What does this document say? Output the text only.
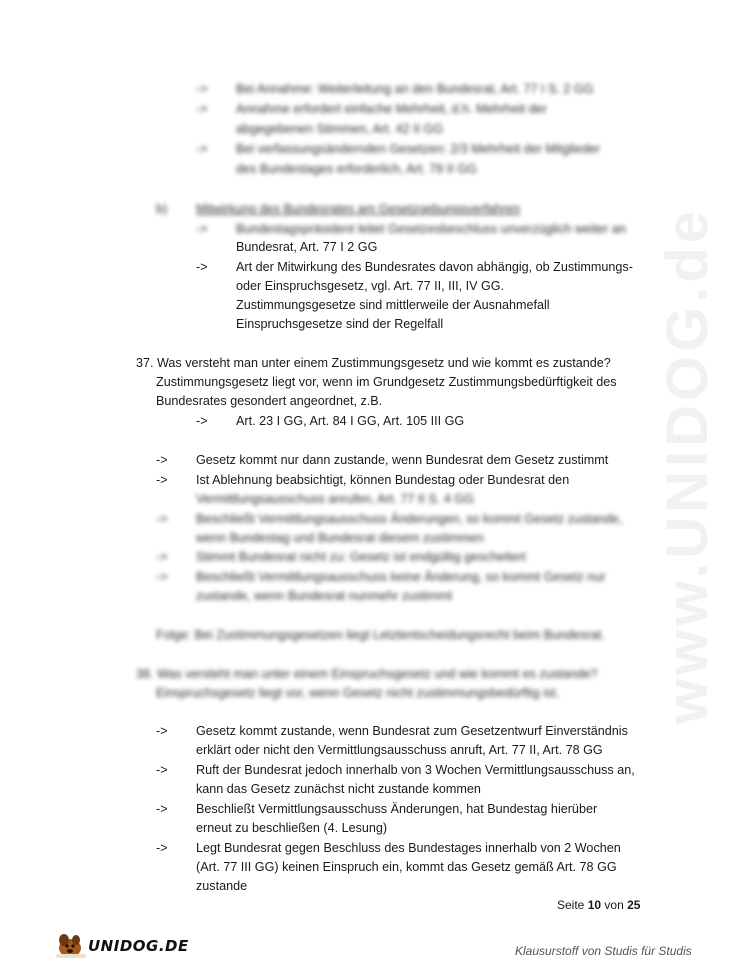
www.UNIDOG.de
-> Bei Annahme: Weiterleitung an den Bundesrat, Art. 77 I S. 2 GG
-> Annahme erfordert einfache Mehrheit, d.h. Mehrheit der
abgegebenen Stimmen, Art. 42 II GG
-> Bei verfassungsändernden Gesetzen: 2/3 Mehrheit der Mitglieder
des Bundestages erforderlich, Art. 79 II GG
b) Mitwirkung des Bundesrates am Gesetzgebungsverfahren
-> Bundestagspräsident leitet Gesetzesbeschluss unverzüglich weiter an
Bundesrat, Art. 77 I 2 GG
-> Art der Mitwirkung des Bundesrates davon abhängig, ob Zustimmungs-
oder Einspruchsgesetz, vgl. Art. 77 II, III, IV GG.
Zustimmungsgesetze sind mittlerweile der Ausnahmefall
Einspruchsgesetze sind der Regelfall
37. Was versteht man unter einem Zustimmungsgesetz und wie kommt es zustande?
Zustimmungsgesetz liegt vor, wenn im Grundgesetz Zustimmungsbedürftigkeit des
Bundesrates gesondert angeordnet, z.B.
-> Art. 23 I GG, Art. 84 I GG, Art. 105 III GG
-> Gesetz kommt nur dann zustande, wenn Bundesrat dem Gesetz zustimmt
-> Ist Ablehnung beabsichtigt, können Bundestag oder Bundesrat den
Vermittlungsausschuss anrufen, Art. 77 II S. 4 GG
-> Beschließt Vermittlungsausschuss Änderungen, so kommt Gesetz zustande,
wenn Bundestag und Bundesrat diesem zustimmen
-> Stimmt Bundesrat nicht zu: Gesetz ist endgültig gescheitert
-> Beschließt Vermittlungsausschuss keine Änderung, so kommt Gesetz nur
zustande, wenn Bundesrat nunmehr zustimmt
Folge: Bei Zustimmungsgesetzen liegt Letztentscheidungsrecht beim Bundesrat.
38. Was versteht man unter einem Einspruchsgesetz und wie kommt es zustande?
Einspruchsgesetz liegt vor, wenn Gesetz nicht zustimmungsbedürftig ist.
-> Gesetz kommt zustande, wenn Bundesrat zum Gesetzentwurf Einverständnis
erklärt oder nicht den Vermittlungsausschuss anruft, Art. 77 II, Art. 78 GG
-> Ruft der Bundesrat jedoch innerhalb von 3 Wochen Vermittlungsausschuss an,
kann das Gesetz zunächst nicht zustande kommen
-> Beschließt Vermittlungsausschuss Änderungen, hat Bundestag hierüber
erneut zu beschließen (4. Lesung)
-> Legt Bundesrat gegen Beschluss des Bundestages innerhalb von 2 Wochen
(Art. 77 III GG) keinen Einspruch ein, kommt das Gesetz gemäß Art. 78 GG
zustande
Seite 10 von 25
UNIDOG.DE	Klausurstoff von Studis für Studis
